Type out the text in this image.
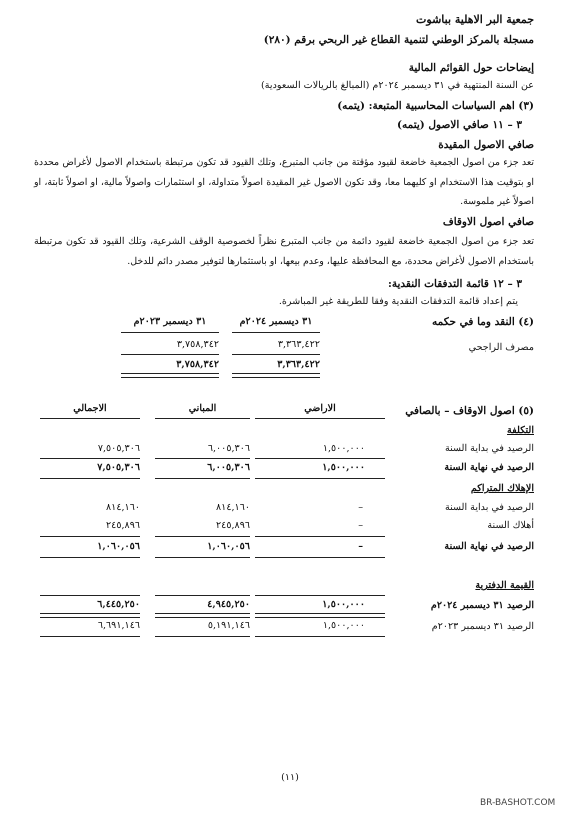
جمعية البر الاهلية بباشوت
مسجلة بالمركز الوطني لتنمية القطاع غير الربحي برقم (٢٨٠)
إيضاحات حول القوائم المالية
عن السنة المنتهية في ٣١ ديسمبر ٢٠٢٤م (المبالغ بالريالات السعودية)
(٣) اهم السياسات المحاسبية المتبعة: (يتمه)
٣ – ١١ صافي الاصول (يتمه)
صافي الاصول المقيدة
تعد جزء من اصول الجمعية خاضعة لقيود مؤقتة من جانب المتبرع، وتلك القيود قد تكون مرتبطة باستخدام الاصول لأغراض محددة او بتوقيت هذا الاستخدام او كليهما معا، وقد تكون الاصول غير المقيدة اصولاً متداولة، او استثمارات واصولاً مالية، او اصولاً ثابتة، او اصولاً غير ملموسة.
صافي اصول الاوقاف
تعد جزء من اصول الجمعية خاضعة لقيود دائمة من جانب المتبرع نظراً لخصوصية الوقف الشرعية، وتلك القيود قد تكون مرتبطة باستخدام الاصول لأغراض محددة، مع المحافظة عليها، وعدم بيعها، او باستثمارها لتوفير مصدر دائم للدخل.
٣ – ١٢ قائمة التدفقات النقدية:
يتم إعداد قائمة التدفقات النقدية وفقا للطريقة غير المباشرة.
(٤) النقد وما في حكمه
٣١ ديسمبر ٢٠٢٤م
٣١ ديسمبر ٢٠٢٣م
مصرف الراجحي
٣,٣٦٣,٤٢٢
٣,٧٥٨,٣٤٢
٣,٣٦٣,٤٢٢
٣,٧٥٨,٣٤٢
(٥) اصول الاوقاف – بالصافي
الاراضي
المباني
الاجمالي
التكلفة
الرصيد في بداية السنة
١,٥٠٠,٠٠٠
٦,٠٠٥,٣٠٦
٧,٥٠٥,٣٠٦
الرصيد في نهاية السنة
١,٥٠٠,٠٠٠
٦,٠٠٥,٣٠٦
٧,٥٠٥,٣٠٦
الإهلاك المتراكم
الرصيد في بداية السنة
–
٨١٤,١٦٠
٨١٤,١٦٠
أهلاك السنة
–
٢٤٥,٨٩٦
٢٤٥,٨٩٦
الرصيد في نهاية السنة
–
١,٠٦٠,٠٥٦
١,٠٦٠,٠٥٦
القيمة الدفترية
الرصيد ٣١ ديسمبر ٢٠٢٤م
١,٥٠٠,٠٠٠
٤,٩٤٥,٢٥٠
٦,٤٤٥,٢٥٠
الرصيد ٣١ ديسمبر ٢٠٢٣م
١,٥٠٠,٠٠٠
٥,١٩١,١٤٦
٦,٦٩١,١٤٦
(١١)
BR-BASHOT.COM
